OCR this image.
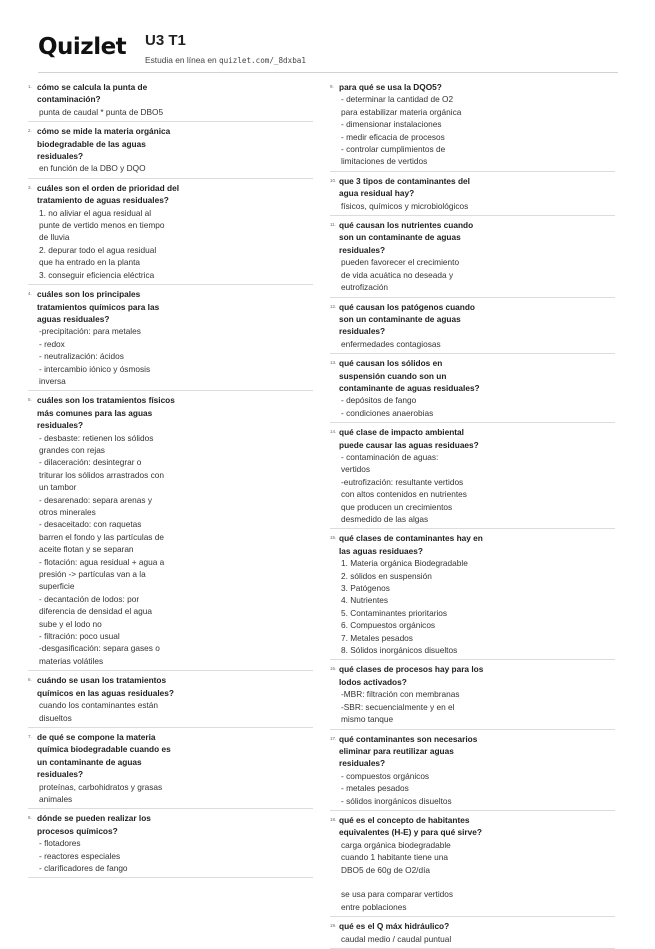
Quizlet U3 T1
Estudia en línea en quizlet.com/_8dxba1
1. cómo se calcula la punta de contaminación?
punta de caudal * punta de DBO5
2. cómo se mide la materia orgánica biodegradable de las aguas residuales?
en función de la DBO y DQO
3. cuáles son el orden de prioridad del tratamiento de aguas residuales?
1. no aliviar el agua residual al punte de vertido menos en tiempo de lluvia
2. depurar todo el agua residual que ha entrado en la planta
3. conseguir eficiencia eléctrica
4. cuáles son los principales tratamientos químicos para las aguas residuales?
-precipitación: para metales
- redox
- neutralización: ácidos
- intercambio iónico y ósmosis inversa
5. cuáles son los tratamientos físicos más comunes para las aguas residuales?
- desbaste: retienen los sólidos grandes con rejas
- dilaceración: desintegrar o triturar los sólidos arrastrados con un tambor
- desarenado: separa arenas y otros minerales
- desaceitado: con raquetas barren el fondo y las partículas de aceite flotan y se separan
- flotación: agua residual + agua a presión -> partículas van a la superficie
- decantación de lodos: por diferencia de densidad el agua sube y el lodo no
- filtración: poco usual
-desgasificación: separa gases o materias volátiles
6. cuándo se usan los tratamientos químicos en las aguas residuales?
cuando los contaminantes están disueltos
7. de qué se compone la materia química biodegradable cuando es un contaminante de aguas residuales?
proteínas, carbohidratos y grasas animales
8. dónde se pueden realizar los procesos químicos?
- flotadores
- reactores especiales
- clarificadores de fango
9. para qué se usa la DQO5?
- determinar la cantidad de O2 para estabilizar materia orgánica
- dimensionar instalaciones
- medir eficacia de procesos
- controlar cumplimientos de limitaciones de vertidos
10. que 3 tipos de contaminantes del agua residual hay?
físicos, químicos y microbiológicos
11. qué causan los nutrientes cuando son un contaminante de aguas residuales?
pueden favorecer el crecimiento de vida acuática no deseada y eutrofización
12. qué causan los patógenos cuando son un contaminante de aguas residuales?
enfermedades contagiosas
13. qué causan los sólidos en suspensión cuando son un contaminante de aguas residuales?
- depósitos de fango
- condiciones anaerobias
14. qué clase de impacto ambiental puede causar las aguas residuaes?
- contaminación de aguas: vertidos
-eutrofización: resultante vertidos con altos contenidos en nutrientes que producen un crecimientos desmedido de las algas
15. qué clases de contaminantes hay en las aguas residuaes?
1. Materia orgánica Biodegradable
2. sólidos en suspensión
3. Patógenos
4. Nutrientes
5. Contaminantes prioritarios
6. Compuestos orgánicos
7. Metales pesados
8. Sólidos inorgánicos disueltos
16. qué clases de procesos hay para los lodos activados?
-MBR: filtración con membranas
-SBR: secuencialmente y en el mismo tanque
17. qué contaminantes son necesarios eliminar para reutilizar aguas residuales?
- compuestos orgánicos
- metales pesados
- sólidos inorgánicos disueltos
18. qué es el concepto de habitantes equivalentes (H-E) y para qué sirve?
carga orgánica biodegradable cuando 1 habitante tiene una DBO5 de 60g de O2/día

se usa para comparar vertidos entre poblaciones
19. qué es el Q máx hidráulico?
caudal medio / caudal puntual
